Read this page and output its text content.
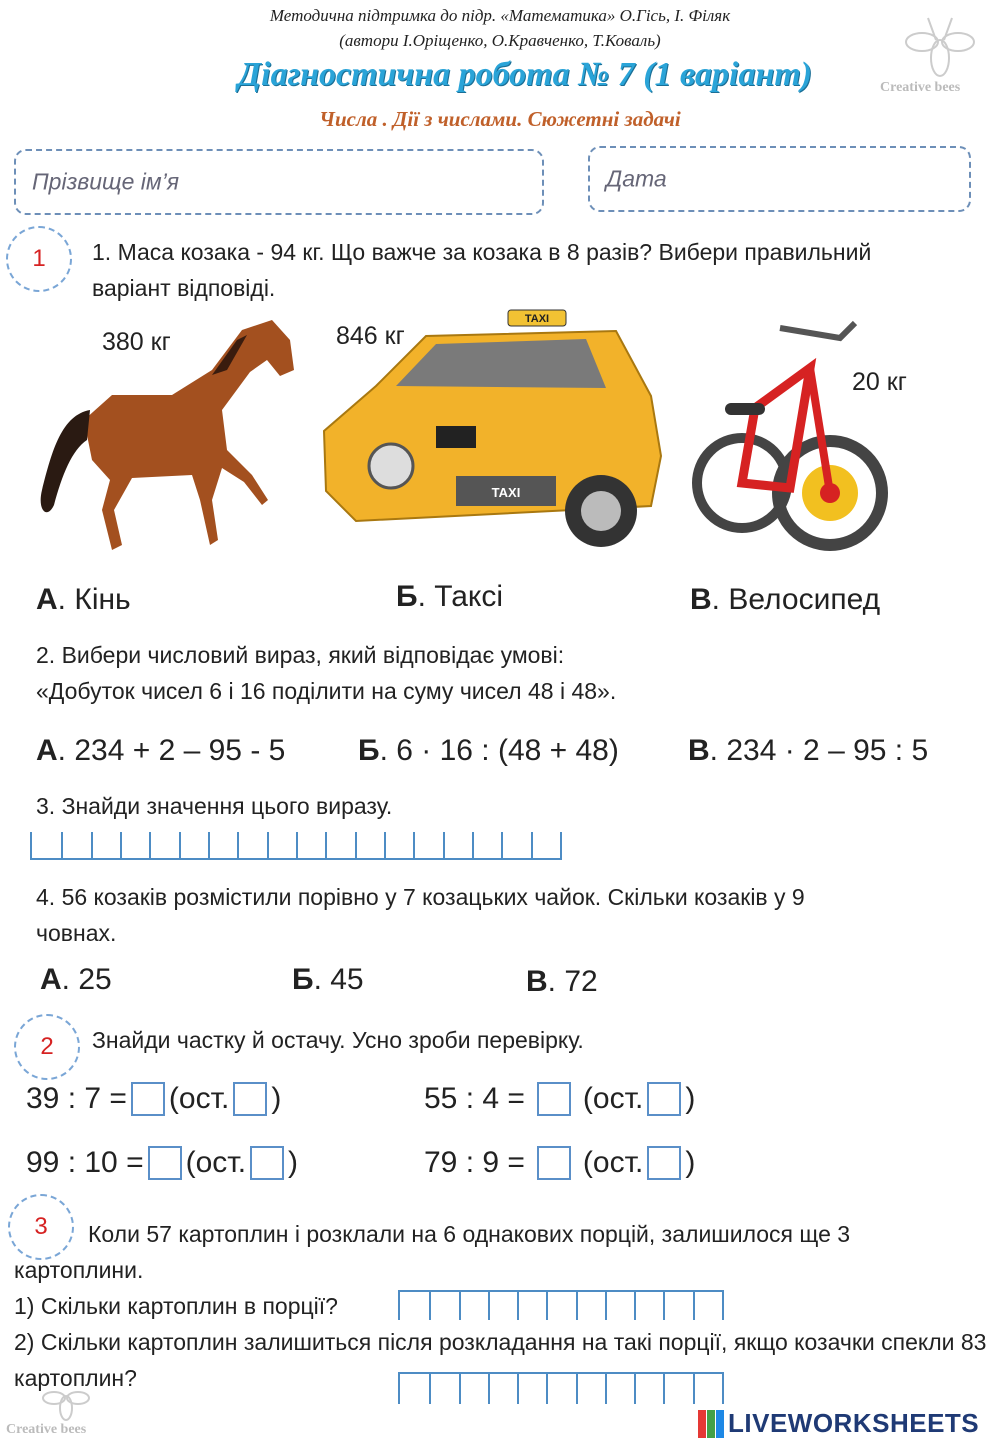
Методична підтримка до підр. «Математика» О.Гісь, І. Філяк
(автори І.Оріщенко, О.Кравченко, Т.Коваль)
Діагностична робота № 7 (1 варіант)
Числа . Дії з числами. Сюжетні задачі
Creative bees
Прізвище ім’я	Дата
1	1. Маса козака - 94 кг. Що важче за козака в 8 разів? Вибери правильний варіант відповіді.
380 кг	846 кг
20 кг
TAXI
TAXI
А. Кінь	Б. Таксі	В. Велосипед
2. Вибери числовий вираз, який відповідає умові:
«Добуток чисел 6 і 16 поділити на суму чисел 48 і 48».
А. 234 + 2 – 95 - 5 Б. 6 · 16 : (48 + 48) В. 234 · 2 – 95 : 5
3. Знайди значення цього виразу.
4. 56 козаків розмістили порівно у 7 козацьких чайок. Скільки козаків у 9 човнах.
А. 25	Б. 45	В. 72
2	Знайди частку й остачу. Усно зроби перевірку.
39 : 7 = (ост. )	55 : 4 = (ост. )
99 : 10 = (ост. )	79 : 9 = (ост. )
3	Коли 57 картоплин і розклали на 6 однакових порцій, залишилося ще 3 картоплини.
1) Скільки картоплин в порції?
2) Скільки картоплин залишиться після розкладання на такі порції, якщо козачки спекли 83 картоплин?
Creative bees	LIVEWORKSHEETS
